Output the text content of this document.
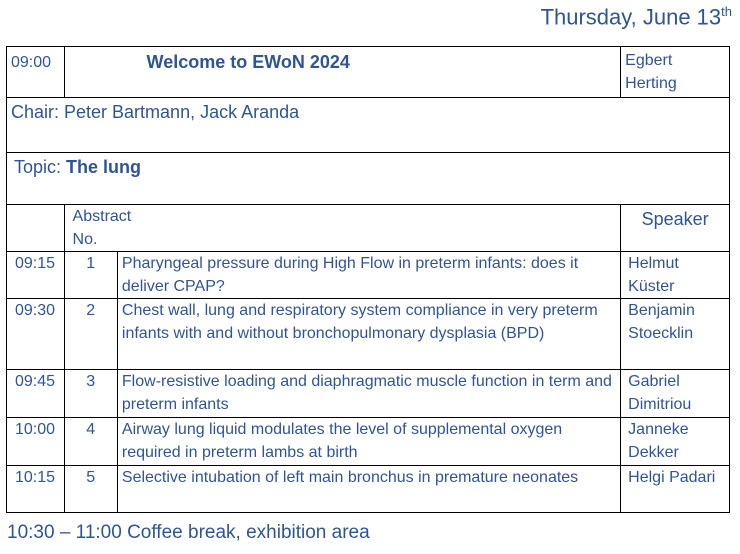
Thursday, June 13th
09:00	Welcome to EWoN 2024		Egbert Herting
Chair: Peter Bartmann, Jack Aranda			
Topic: The lung			

	Abstract No.		Speaker
09:15	1	Pharyngeal pressure during High Flow in preterm infants: does it deliver CPAP?	Helmut Küster
09:30	2	Chest wall, lung and respiratory system compliance in very preterm infants with and without bronchopulmonary dysplasia (BPD)	Benjamin Stoecklin
09:45	3	Flow-resistive loading and diaphragmatic muscle function in term and preterm infants	Gabriel Dimitriou
10:00	4	Airway lung liquid modulates the level of supplemental oxygen required in preterm lambs at birth	Janneke Dekker
10:15	5	Selective intubation of left main bronchus in premature neonates	Helgi Padari
10:30 – 11:00 Coffee break, exhibition area
